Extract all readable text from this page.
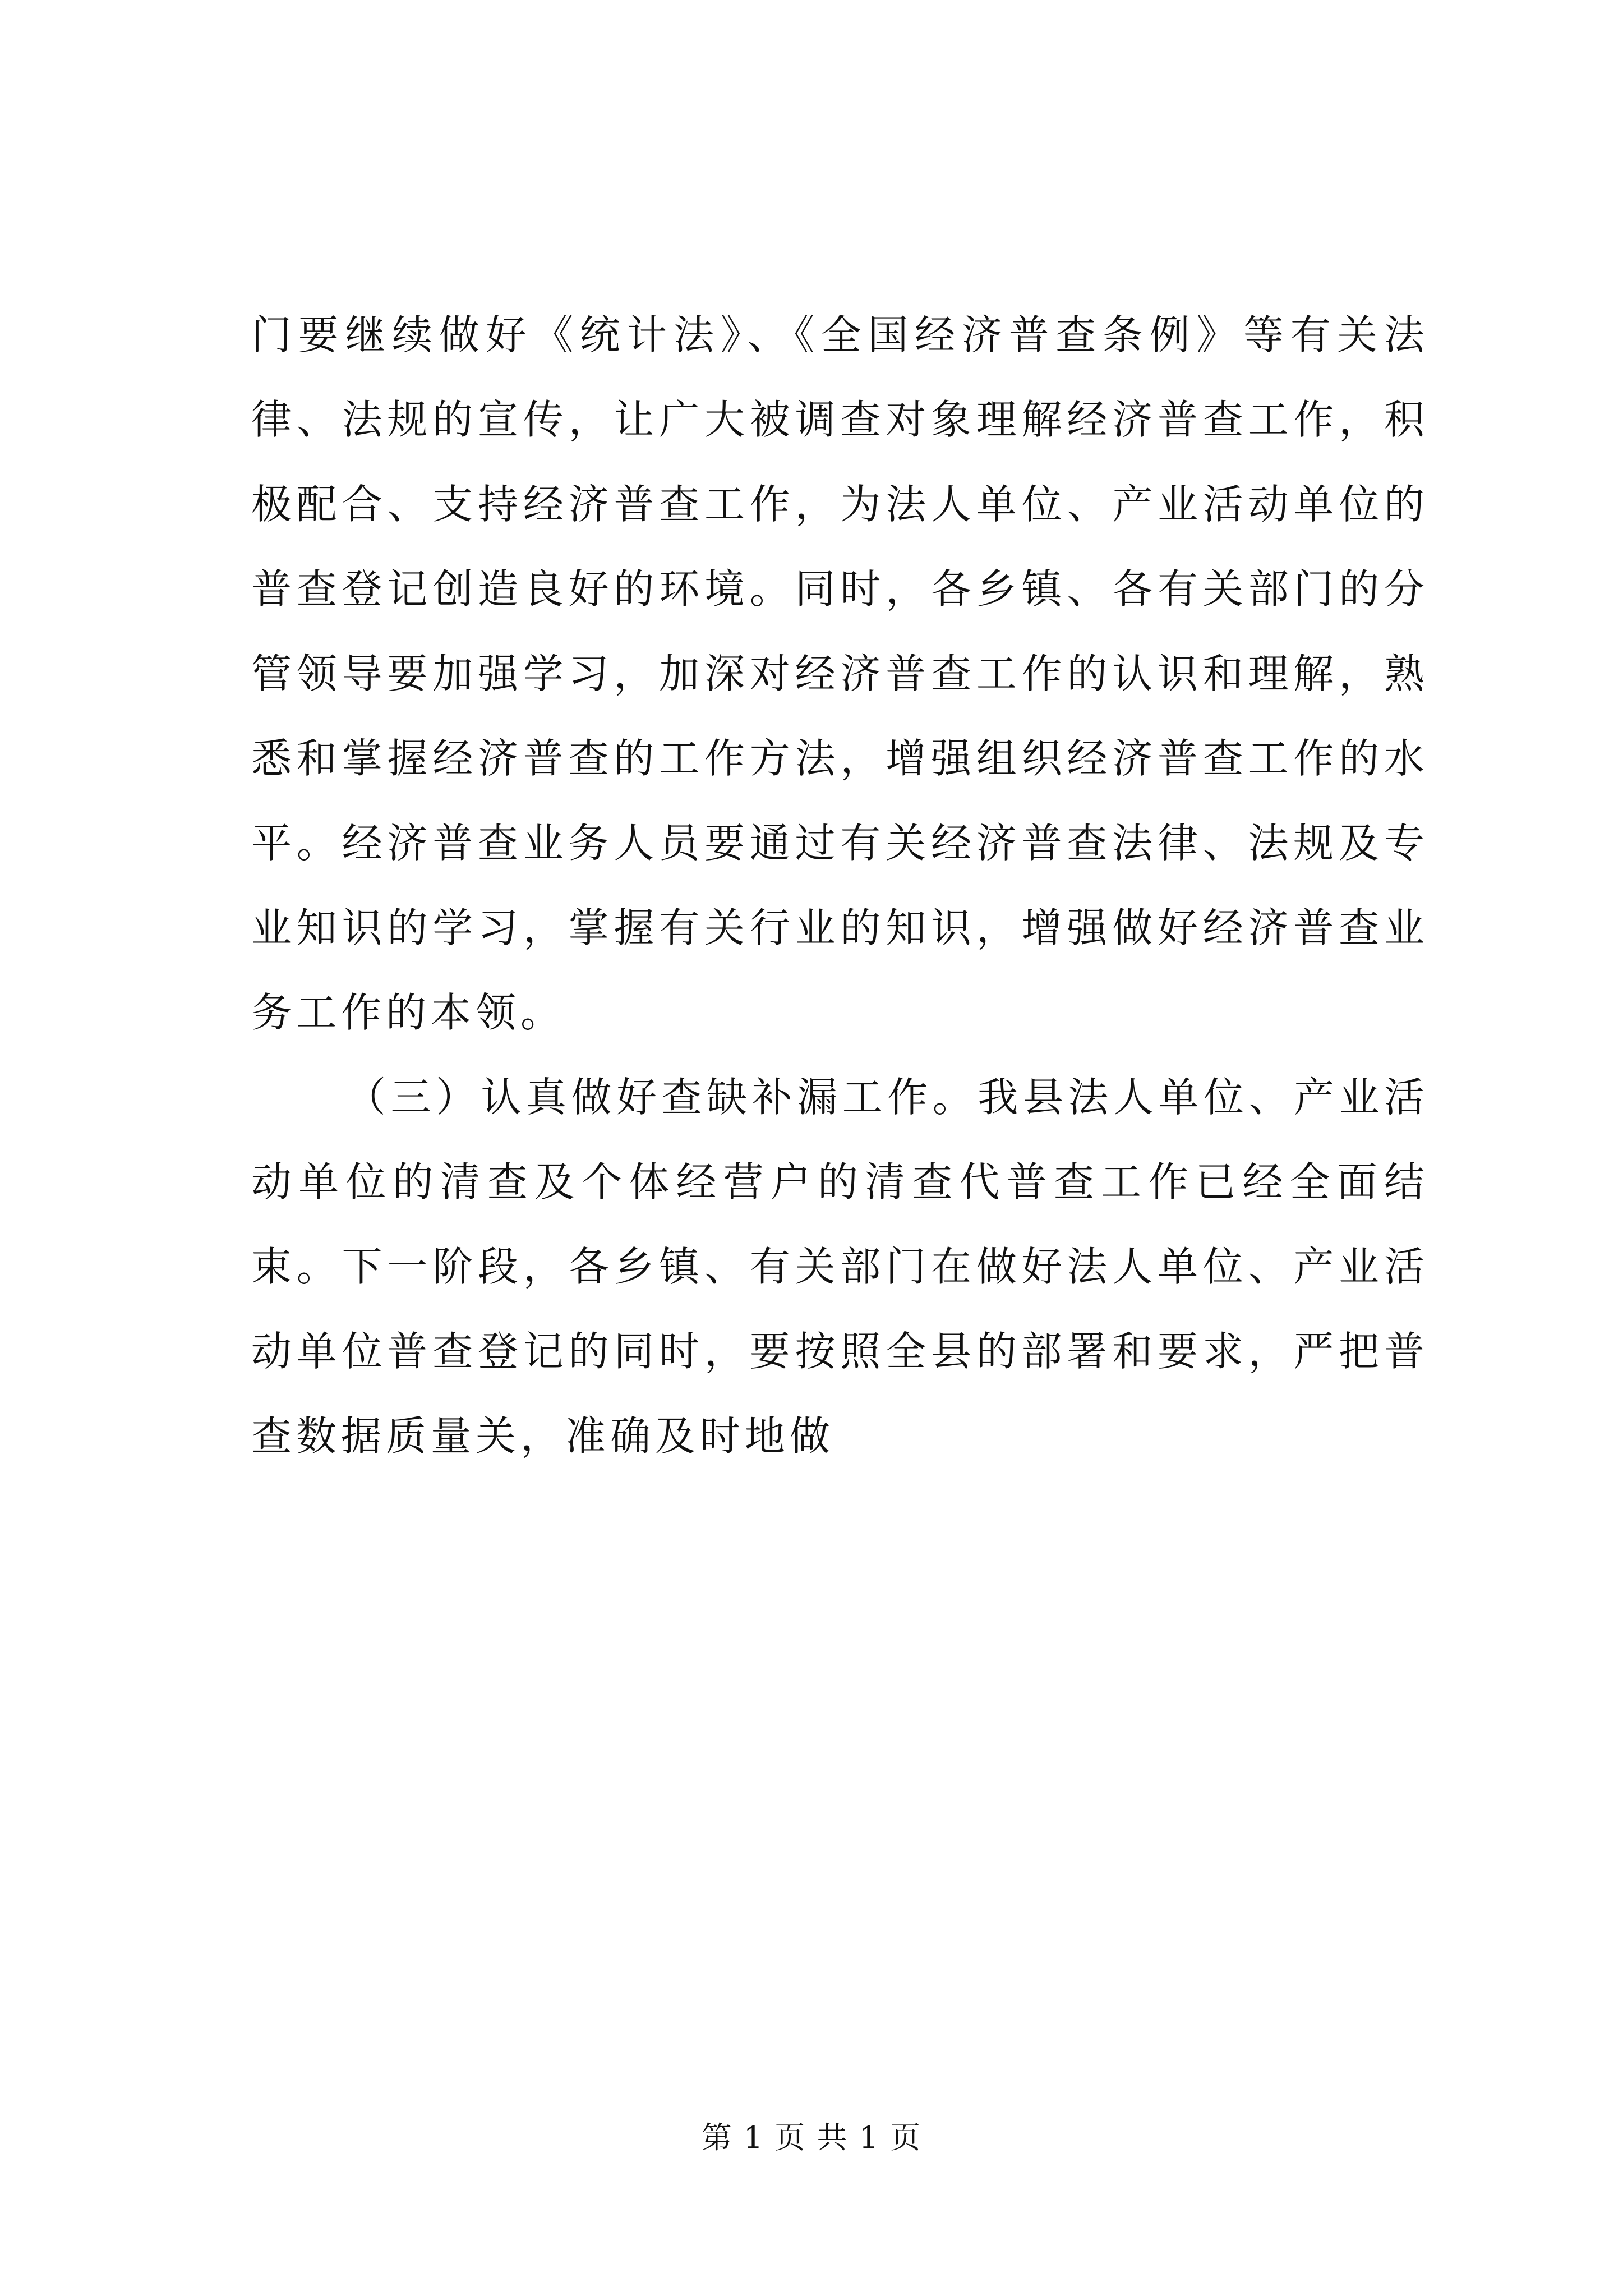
门要继续做好《统计法》、《全国经济普查条例》等有关法律、法规的宣传，让广大被调查对象理解经济普查工作，积极配合、支持经济普查工作，为法人单位、产业活动单位的普查登记创造良好的环境。同时，各乡镇、各有关部门的分管领导要加强学习，加深对经济普查工作的认识和理解，熟悉和掌握经济普查的工作方法，增强组织经济普查工作的水平。经济普查业务人员要通过有关经济普查法律、法规及专业知识的学习，掌握有关行业的知识，增强做好经济普查业务工作的本领。

（三）认真做好查缺补漏工作。我县法人单位、产业活动单位的清查及个体经营户的清查代普查工作已经全面结束。下一阶段，各乡镇、有关部门在做好法人单位、产业活动单位普查登记的同时，要按照全县的部署和要求，严把普查数据质量关，准确及时地做

第 1 页 共 1 页
